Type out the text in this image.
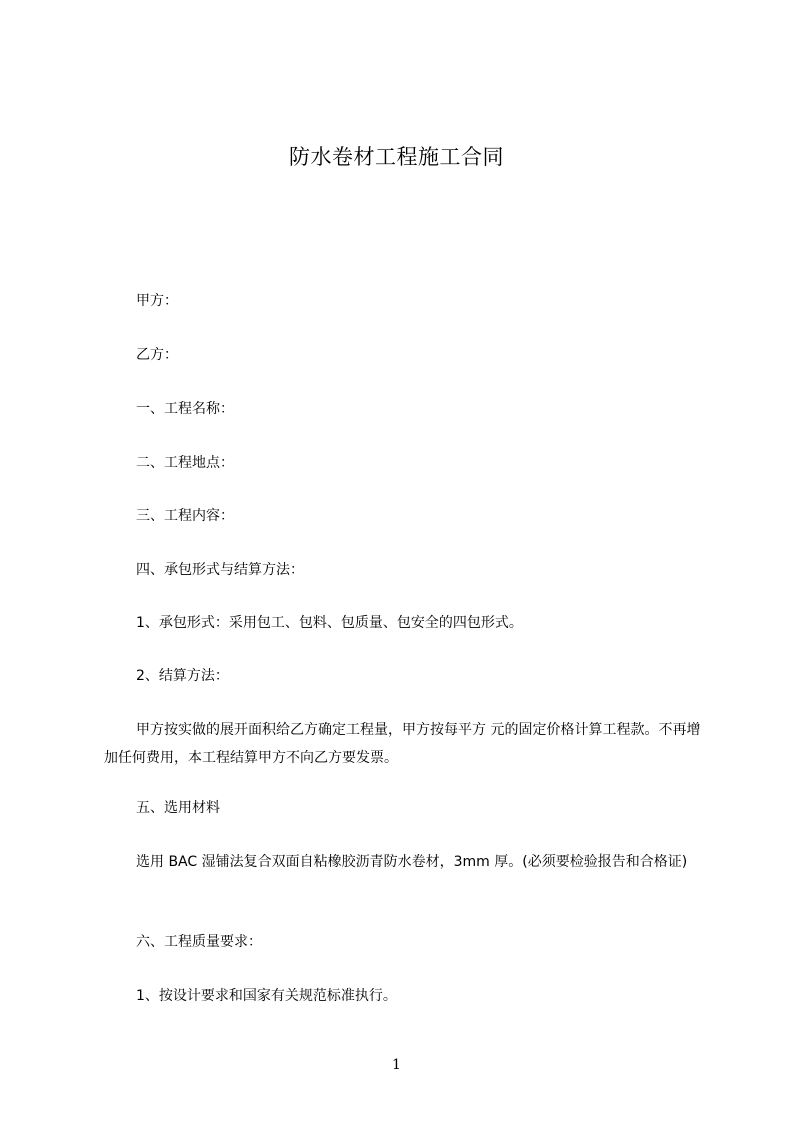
防水卷材工程施工合同
甲方：
乙方：
一、工程名称：
二、工程地点：
三、工程内容：
四、承包形式与结算方法：
1、承包形式：采用包工、包料、包质量、包安全的四包形式。
2、结算方法：
甲方按实做的展开面积给乙方确定工程量，甲方按每平方 元的固定价格计算工程款。不再增加任何费用，本工程结算甲方不向乙方要发票。
五、选用材料
选用 BAC 湿铺法复合双面自粘橡胶沥青防水卷材，3mm 厚。(必须要检验报告和合格证)
六、工程质量要求：
1、按设计要求和国家有关规范标准执行。
1
